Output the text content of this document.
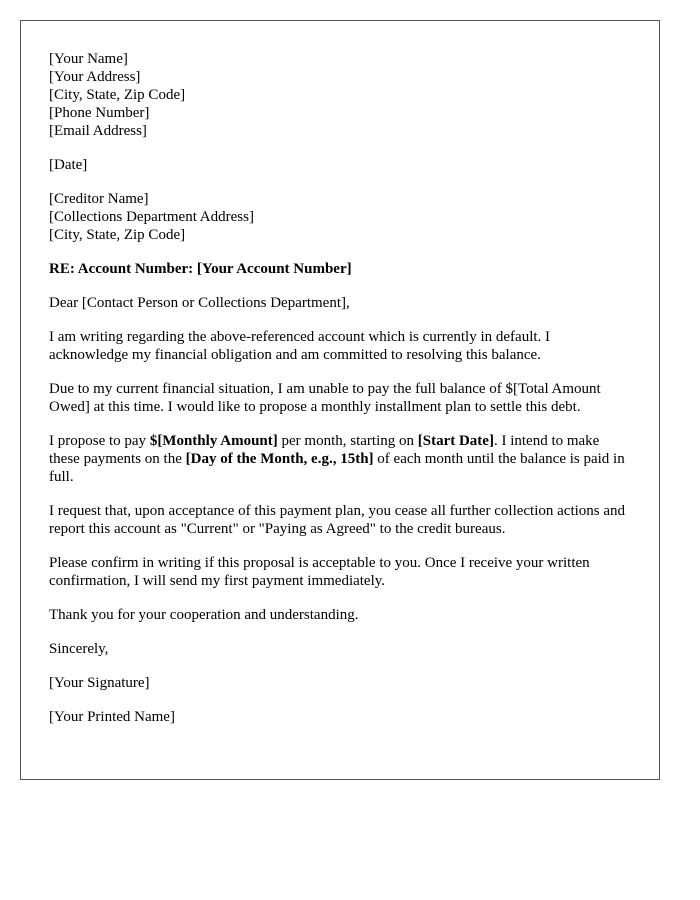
[Your Name]
[Your Address]
[City, State, Zip Code]
[Phone Number]
[Email Address]
[Date]
[Creditor Name]
[Collections Department Address]
[City, State, Zip Code]

RE: Account Number: [Your Account Number]

Dear [Contact Person or Collections Department],

I am writing regarding the above-referenced account which is currently in default. I acknowledge my financial obligation and am committed to resolving this balance.

Due to my current financial situation, I am unable to pay the full balance of $[Total Amount Owed] at this time. I would like to propose a monthly installment plan to settle this debt.

I propose to pay $[Monthly Amount] per month, starting on [Start Date]. I intend to make these payments on the [Day of the Month, e.g., 15th] of each month until the balance is paid in full.

I request that, upon acceptance of this payment plan, you cease all further collection actions and report this account as "Current" or "Paying as Agreed" to the credit bureaus.

Please confirm in writing if this proposal is acceptable to you. Once I receive your written confirmation, I will send my first payment immediately.

Thank you for your cooperation and understanding.

Sincerely,

[Your Signature]

[Your Printed Name]
